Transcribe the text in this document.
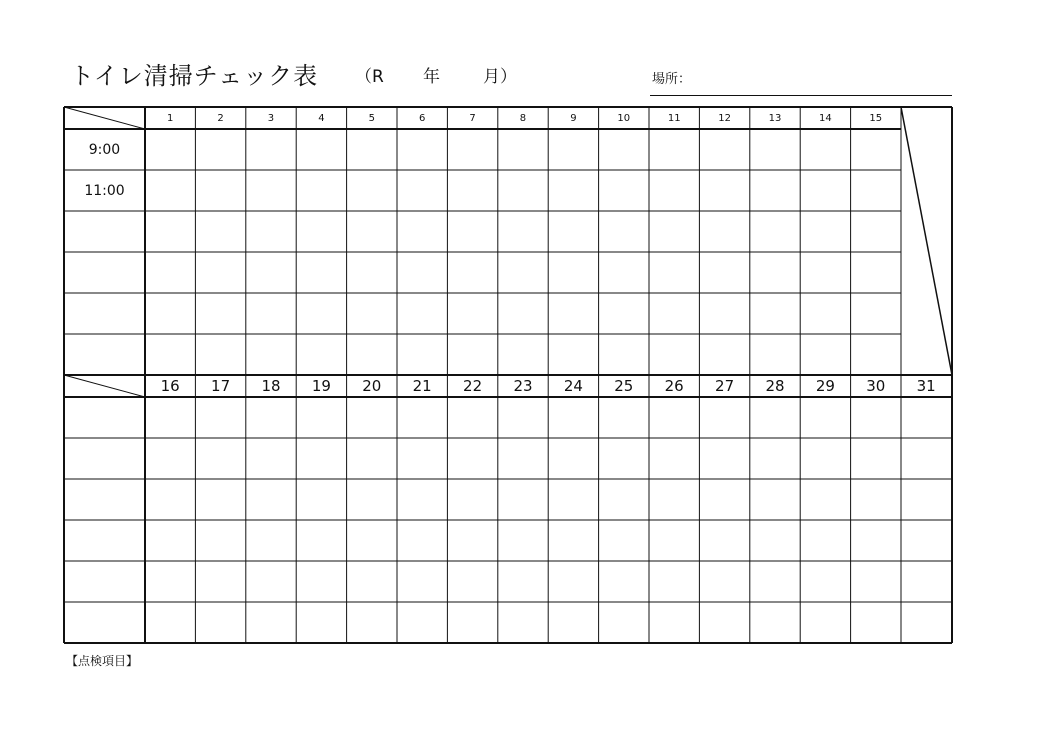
トイレ清掃チェック表 （R 年	月）	場所：
1	2	3	4	5	6	7	8	9	10	11	12	13	14	15
9:00
11:00
16	17	18	19	20	21	22	23	24	25	26	27	28	29	30	31
【点検項目】
